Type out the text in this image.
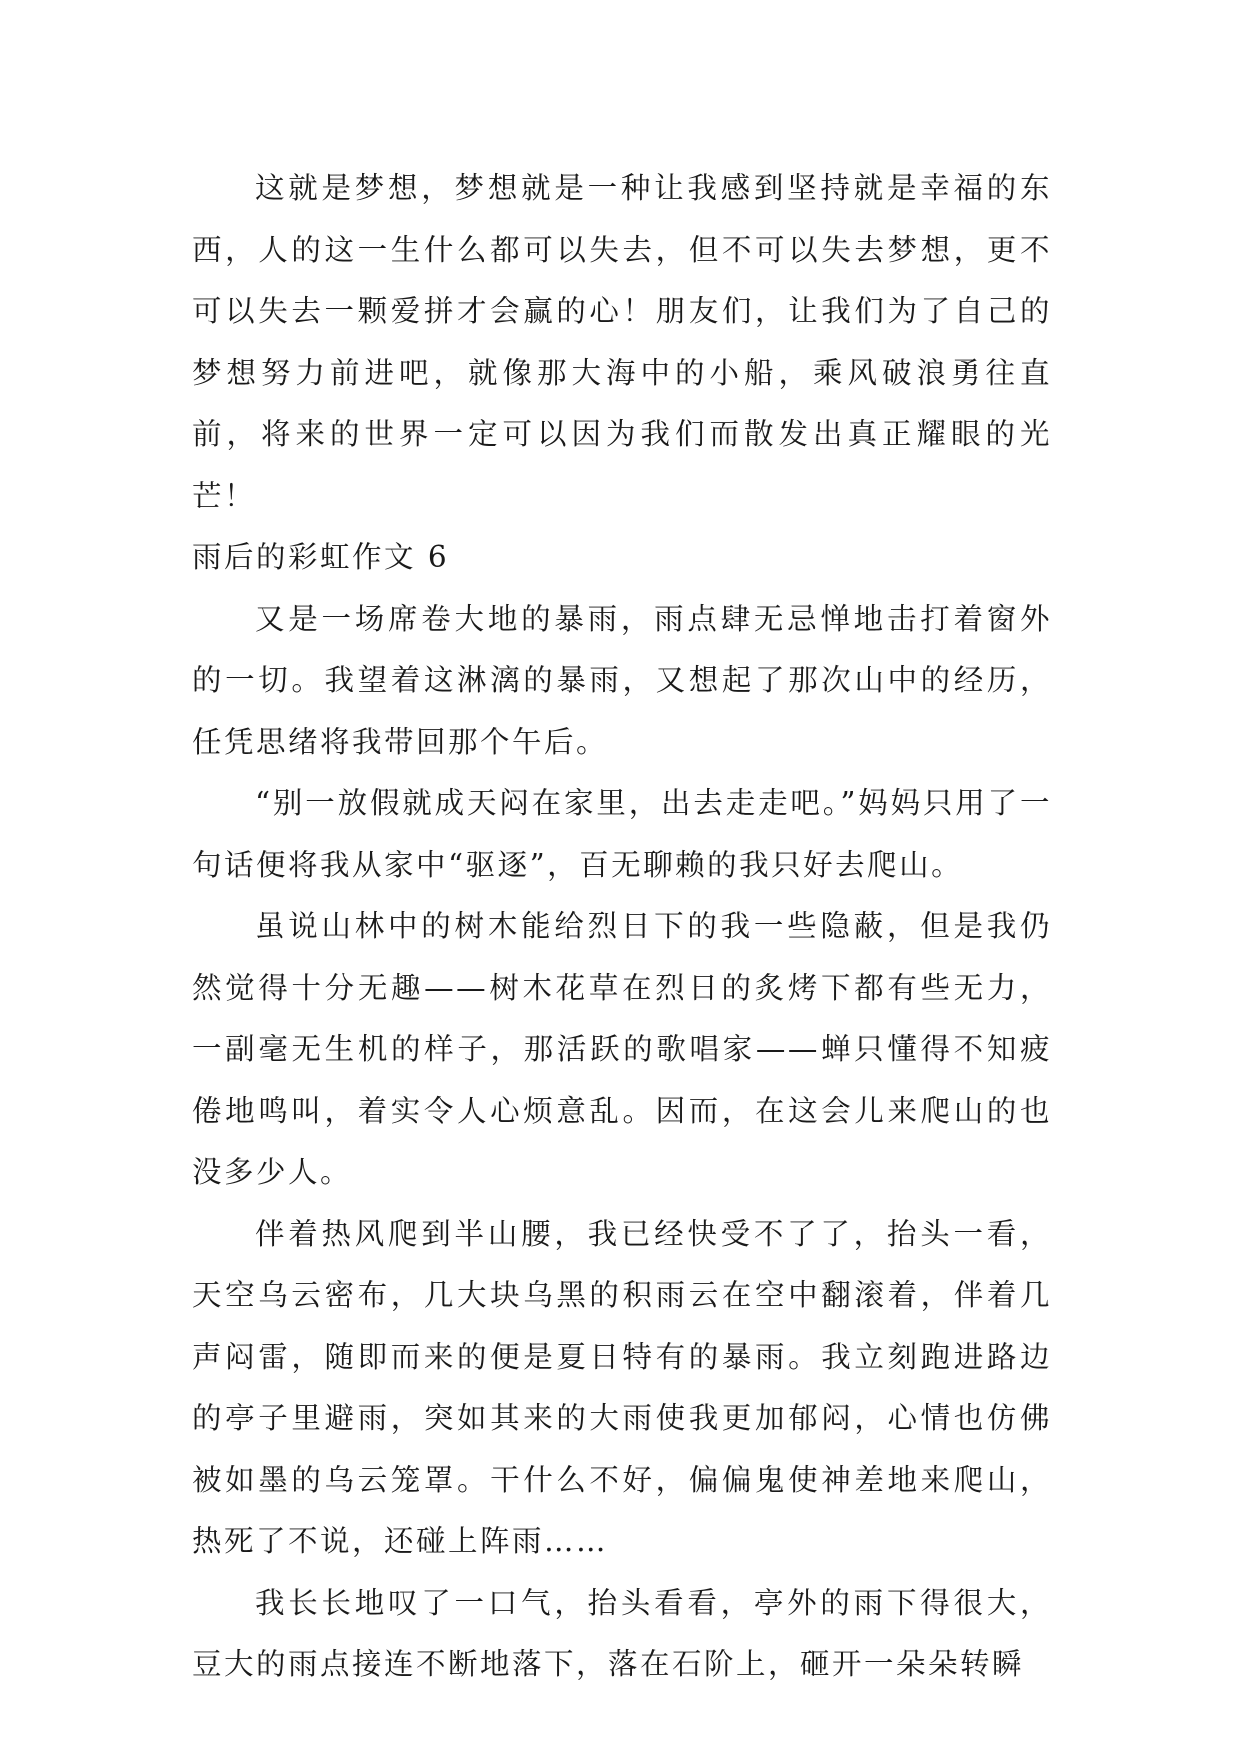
这就是梦想，梦想就是一种让我感到坚持就是幸福的东西，人的这一生什么都可以失去，但不可以失去梦想，更不可以失去一颗爱拼才会赢的心！朋友们，让我们为了自己的梦想努力前进吧，就像那大海中的小船，乘风破浪勇往直前，将来的世界一定可以因为我们而散发出真正耀眼的光芒！

雨后的彩虹作文 6

又是一场席卷大地的暴雨，雨点肆无忌惮地击打着窗外的一切。我望着这淋漓的暴雨，又想起了那次山中的经历，任凭思绪将我带回那个午后。

“别一放假就成天闷在家里，出去走走吧。”妈妈只用了一句话便将我从家中“驱逐”，百无聊赖的我只好去爬山。

虽说山林中的树木能给烈日下的我一些隐蔽，但是我仍然觉得十分无趣——树木花草在烈日的炙烤下都有些无力，一副毫无生机的样子，那活跃的歌唱家——蝉只懂得不知疲倦地鸣叫，着实令人心烦意乱。因而，在这会儿来爬山的也没多少人。

伴着热风爬到半山腰，我已经快受不了了，抬头一看，天空乌云密布，几大块乌黑的积雨云在空中翻滚着，伴着几声闷雷，随即而来的便是夏日特有的暴雨。我立刻跑进路边的亭子里避雨，突如其来的大雨使我更加郁闷，心情也仿佛被如墨的乌云笼罩。干什么不好，偏偏鬼使神差地来爬山，热死了不说，还碰上阵雨……

我长长地叹了一口气，抬头看看，亭外的雨下得很大，豆大的雨点接连不断地落下，落在石阶上，砸开一朵朵转瞬
